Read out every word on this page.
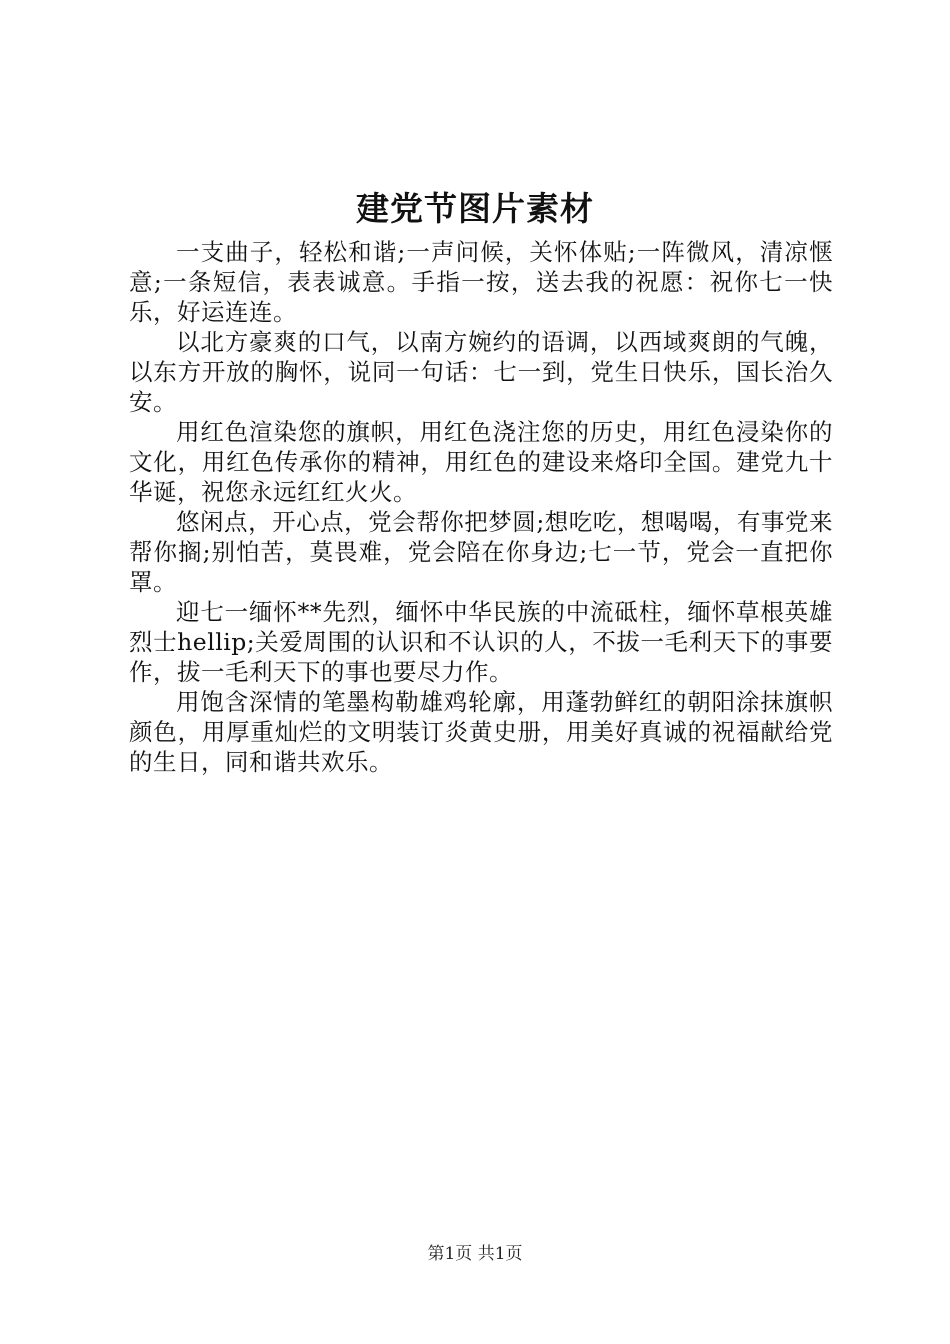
建党节图片素材

一支曲子，轻松和谐;一声问候，关怀体贴;一阵微风，清凉惬意;一条短信，表表诚意。手指一按，送去我的祝愿：祝你七一快乐，好运连连。

以北方豪爽的口气，以南方婉约的语调，以西域爽朗的气魄，以东方开放的胸怀，说同一句话：七一到，党生日快乐，国长治久安。

用红色渲染您的旗帜，用红色浇注您的历史，用红色浸染你的文化，用红色传承你的精神，用红色的建设来烙印全国。建党九十华诞，祝您永远红红火火。

悠闲点，开心点，党会帮你把梦圆;想吃吃，想喝喝，有事党来帮你搁;别怕苦，莫畏难，党会陪在你身边;七一节，党会一直把你罩。

迎七一缅怀**先烈，缅怀中华民族的中流砥柱，缅怀草根英雄烈士hellip;关爱周围的认识和不认识的人，不拔一毛利天下的事要作，拔一毛利天下的事也要尽力作。

用饱含深情的笔墨构勒雄鸡轮廓，用蓬勃鲜红的朝阳涂抹旗帜颜色，用厚重灿烂的文明装订炎黄史册，用美好真诚的祝福献给党的生日，同和谐共欢乐。

第1页 共1页
